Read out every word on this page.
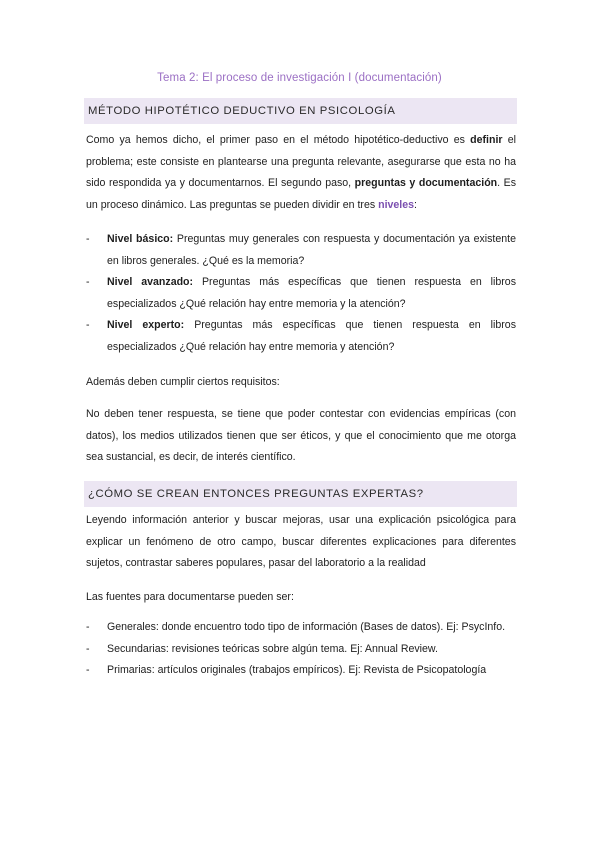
Tema 2: El proceso de investigación I (documentación)
MÉTODO HIPOTÉTICO DEDUCTIVO EN PSICOLOGÍA

Como ya hemos dicho, el primer paso en el método hipotético-deductivo es definir el problema; este consiste en plantearse una pregunta relevante, asegurarse que esta no ha sido respondida ya y documentarnos. El segundo paso, preguntas y documentación. Es un proceso dinámico. Las preguntas se pueden dividir en tres niveles:

- Nivel básico: Preguntas muy generales con respuesta y documentación ya existente en libros generales. ¿Qué es la memoria?
- Nivel avanzado: Preguntas más específicas que tienen respuesta en libros especializados ¿Qué relación hay entre memoria y la atención?
- Nivel experto: Preguntas más específicas que tienen respuesta en libros especializados ¿Qué relación hay entre memoria y atención?

Además deben cumplir ciertos requisitos:

No deben tener respuesta, se tiene que poder contestar con evidencias empíricas (con datos), los medios utilizados tienen que ser éticos, y que el conocimiento que me otorga sea sustancial, es decir, de interés científico.

¿CÓMO SE CREAN ENTONCES PREGUNTAS EXPERTAS?

Leyendo información anterior y buscar mejoras, usar una explicación psicológica para explicar un fenómeno de otro campo, buscar diferentes explicaciones para diferentes sujetos, contrastar saberes populares, pasar del laboratorio a la realidad

Las fuentes para documentarse pueden ser:

- Generales: donde encuentro todo tipo de información (Bases de datos). Ej: PsycInfo.
- Secundarias: revisiones teóricas sobre algún tema. Ej: Annual Review.
- Primarias: artículos originales (trabajos empíricos). Ej: Revista de Psicopatología
